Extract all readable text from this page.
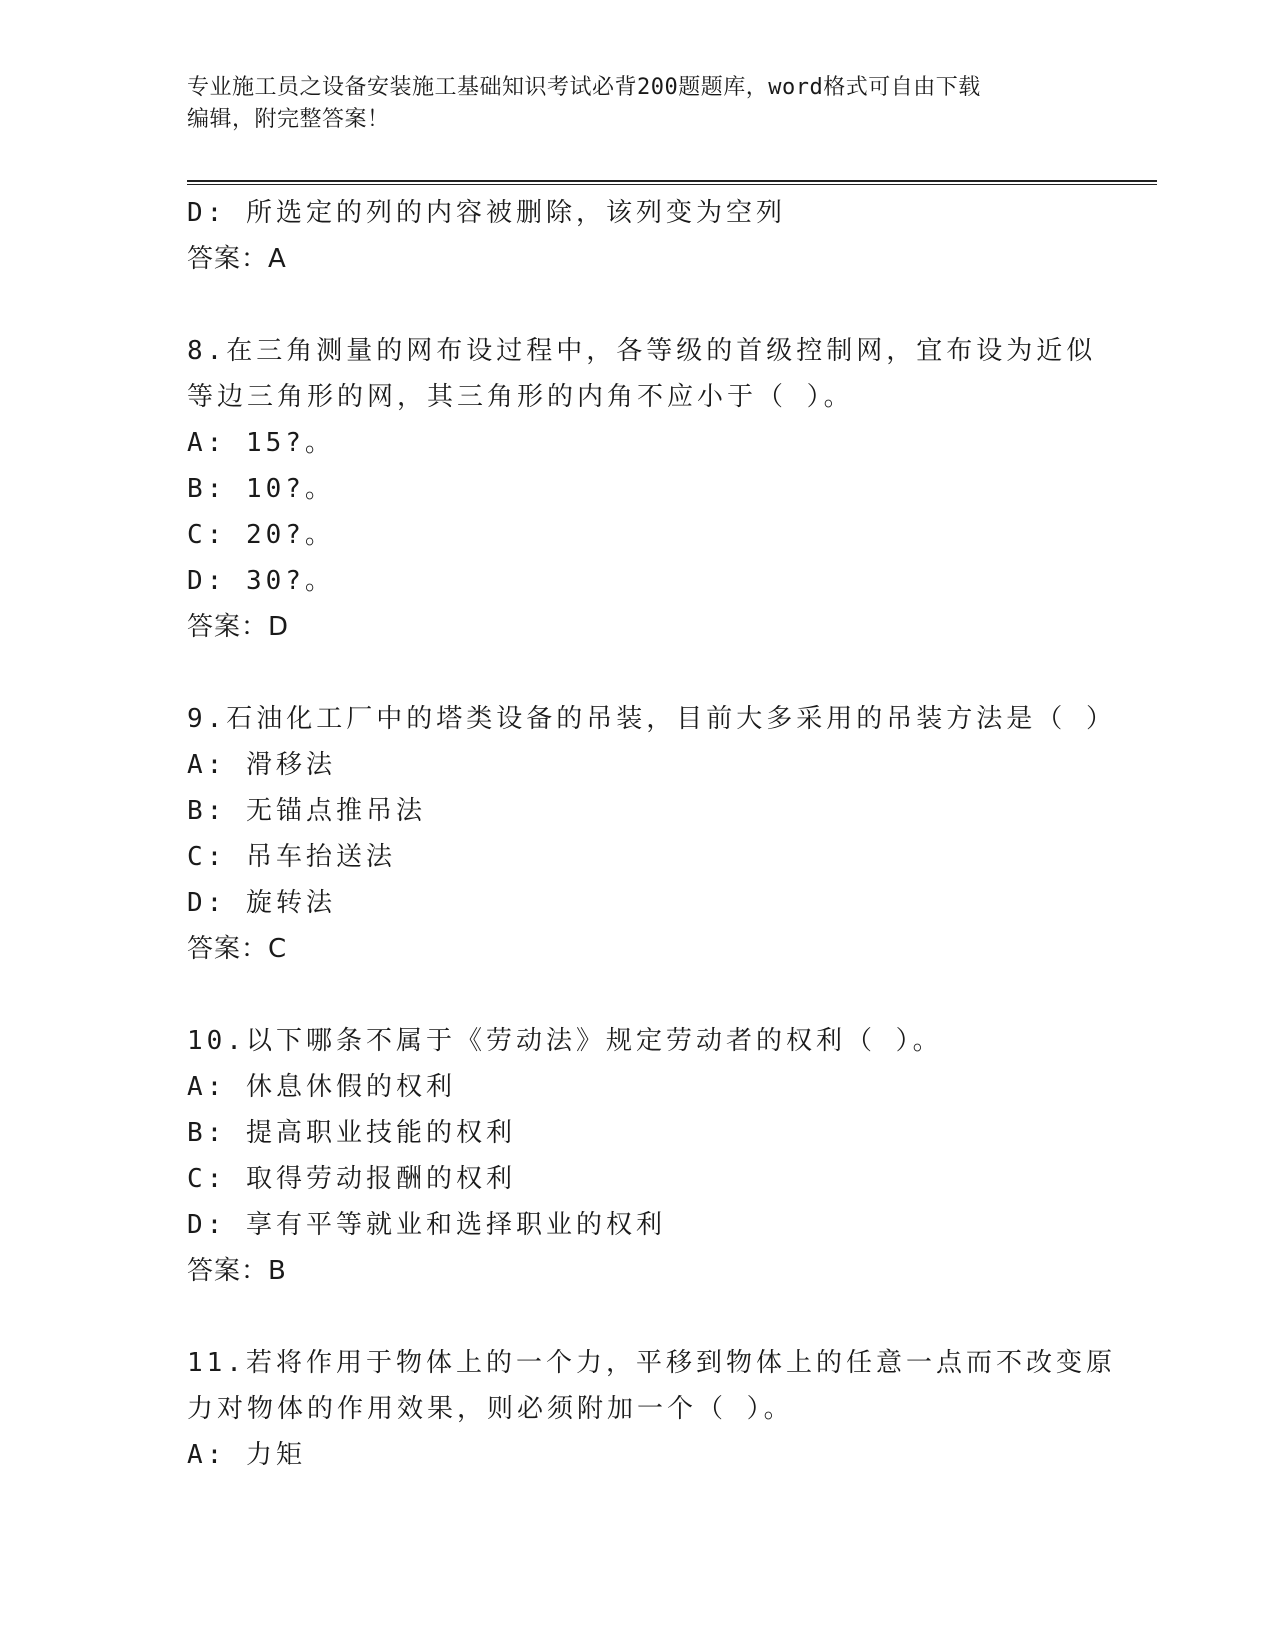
专业施工员之设备安装施工基础知识考试必背200题题库，word格式可自由下载
编辑，附完整答案！
D: 所选定的列的内容被删除，该列变为空列
答案：A
8.在三角测量的网布设过程中，各等级的首级控制网，宜布设为近似
等边三角形的网，其三角形的内角不应小于（ ）。
A: 15?。
B: 10?。
C: 20?。
D: 30?。
答案：D
9.石油化工厂中的塔类设备的吊装，目前大多采用的吊装方法是（ ）
A: 滑移法
B: 无锚点推吊法
C: 吊车抬送法
D: 旋转法
答案：C
10.以下哪条不属于《劳动法》规定劳动者的权利（ ）。
A: 休息休假的权利
B: 提高职业技能的权利
C: 取得劳动报酬的权利
D: 享有平等就业和选择职业的权利
答案：B
11.若将作用于物体上的一个力，平移到物体上的任意一点而不改变原
力对物体的作用效果，则必须附加一个（ ）。
A: 力矩
